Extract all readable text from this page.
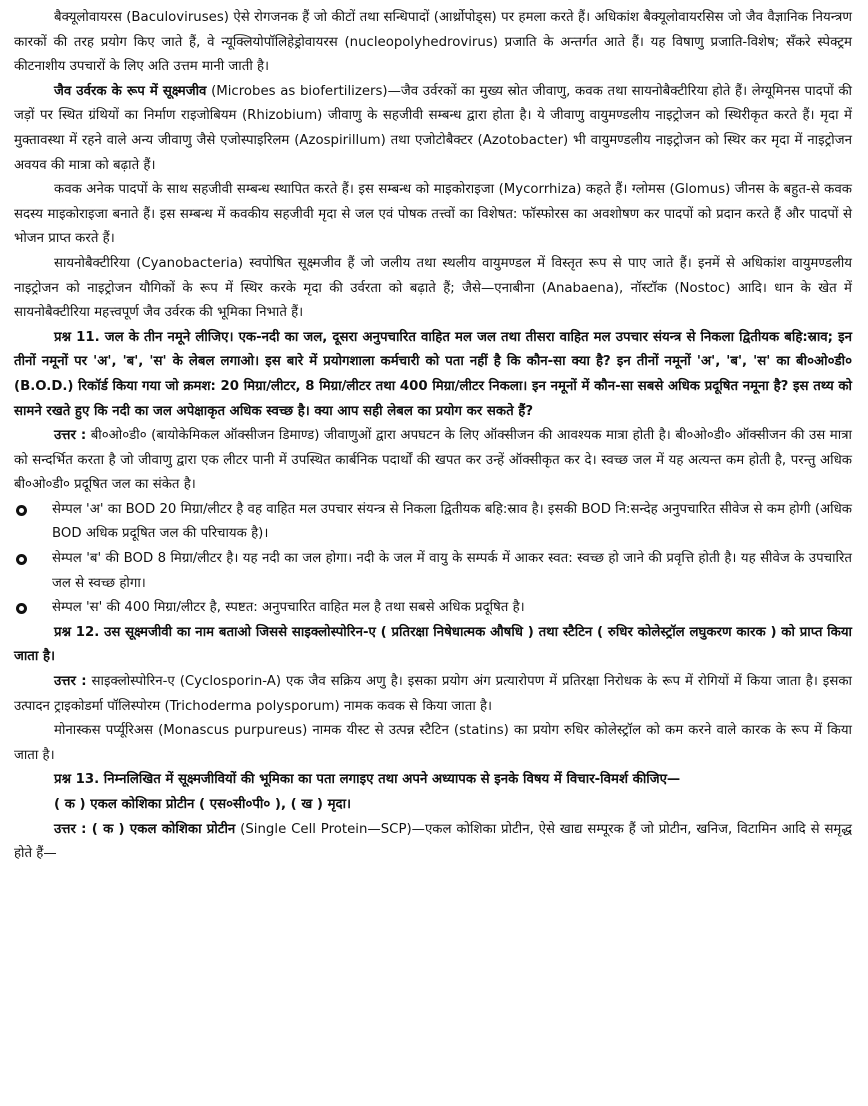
बैक्यूलोवायरस (Baculoviruses) ऐसे रोगजनक हैं जो कीटों तथा सन्धिपादों (आर्थ्रोपोड्स) पर हमला करते हैं। अधिकांश बैक्यूलोवायरसिस जो जैव वैज्ञानिक नियन्त्रण कारकों की तरह प्रयोग किए जाते हैं, वे न्यूक्लियोपॉलिहेड्रोवायरस (nucleopolyhedrovirus) प्रजाति के अन्तर्गत आते हैं। यह विषाणु प्रजाति-विशेष; सँकरे स्पेक्ट्रम कीटनाशीय उपचारों के लिए अति उत्तम मानी जाती है।

जैव उर्वरक के रूप में सूक्ष्मजीव (Microbes as biofertilizers)—जैव उर्वरकों का मुख्य स्रोत जीवाणु, कवक तथा सायनोबैक्टीरिया होते हैं। लेग्यूमिनस पादपों की जड़ों पर स्थित ग्रंथियों का निर्माण राइजोबियम (Rhizobium) जीवाणु के सहजीवी सम्बन्ध द्वारा होता है। ये जीवाणु वायुमण्डलीय नाइट्रोजन को स्थिरीकृत करते हैं। मृदा में मुक्तावस्था में रहने वाले अन्य जीवाणु जैसे एजोस्पाइरिलम (Azospirillum) तथा एजोटोबैक्टर (Azotobacter) भी वायुमण्डलीय नाइट्रोजन को स्थिर कर मृदा में नाइट्रोजन अवयव की मात्रा को बढ़ाते हैं।

कवक अनेक पादपों के साथ सहजीवी सम्बन्ध स्थापित करते हैं। इस सम्बन्ध को माइकोराइजा (Mycorrhiza) कहते हैं। ग्लोमस (Glomus) जीनस के बहुत-से कवक सदस्य माइकोराइजा बनाते हैं। इस सम्बन्ध में कवकीय सहजीवी मृदा से जल एवं पोषक तत्त्वों का विशेषत: फॉस्फोरस का अवशोषण कर पादपों को प्रदान करते हैं और पादपों से भोजन प्राप्त करते हैं।

सायनोबैक्टीरिया (Cyanobacteria) स्वपोषित सूक्ष्मजीव हैं जो जलीय तथा स्थलीय वायुमण्डल में विस्तृत रूप से पाए जाते हैं। इनमें से अधिकांश वायुमण्डलीय नाइट्रोजन को नाइट्रोजन यौगिकों के रूप में स्थिर करके मृदा की उर्वरता को बढ़ाते हैं; जैसे—एनाबीना (Anabaena), नॉस्टॉक (Nostoc) आदि। धान के खेत में सायनोबैक्टीरिया महत्त्वपूर्ण जैव उर्वरक की भूमिका निभाते हैं।

प्रश्न 11. जल के तीन नमूने लीजिए। एक-नदी का जल, दूसरा अनुपचारित वाहित मल जल तथा तीसरा वाहित मल उपचार संयन्त्र से निकला द्वितीयक बहि:स्राव; इन तीनों नमूनों पर 'अ', 'ब', 'स' के लेबल लगाओ। इस बारे में प्रयोगशाला कर्मचारी को पता नहीं है कि कौन-सा क्या है? इन तीनों नमूनों 'अ', 'ब', 'स' का बी०ओ०डी० (B.O.D.) रिकॉर्ड किया गया जो क्रमश: 20 मिग्रा/लीटर, 8 मिग्रा/लीटर तथा 400 मिग्रा/लीटर निकला। इन नमूनों में कौन-सा सबसे अधिक प्रदूषित नमूना है? इस तथ्य को सामने रखते हुए कि नदी का जल अपेक्षाकृत अधिक स्वच्छ है। क्या आप सही लेबल का प्रयोग कर सकते हैं?

उत्तर : बी०ओ०डी० (बायोकेमिकल ऑक्सीजन डिमाण्ड) जीवाणुओं द्वारा अपघटन के लिए ऑक्सीजन की आवश्यक मात्रा होती है। बी०ओ०डी० ऑक्सीजन की उस मात्रा को सन्दर्भित करता है जो जीवाणु द्वारा एक लीटर पानी में उपस्थित कार्बनिक पदार्थों की खपत कर उन्हें ऑक्सीकृत कर दे। स्वच्छ जल में यह अत्यन्त कम होती है, परन्तु अधिक बी०ओ०डी० प्रदूषित जल का संकेत है।

सेम्पल 'अ' का BOD 20 मिग्रा/लीटर है वह वाहित मल उपचार संयन्त्र से निकला द्वितीयक बहि:स्राव है। इसकी BOD नि:सन्देह अनुपचारित सीवेज से कम होगी (अधिक BOD अधिक प्रदूषित जल की परिचायक है)।
सेम्पल 'ब' की BOD 8 मिग्रा/लीटर है। यह नदी का जल होगा। नदी के जल में वायु के सम्पर्क में आकर स्वत: स्वच्छ हो जाने की प्रवृत्ति होती है। यह सीवेज के उपचारित जल से स्वच्छ होगा।
सेम्पल 'स' की 400 मिग्रा/लीटर है, स्पष्टत: अनुपचारित वाहित मल है तथा सबसे अधिक प्रदूषित है।

प्रश्न 12. उस सूक्ष्मजीवी का नाम बताओ जिससे साइक्लोस्पोरिन-ए ( प्रतिरक्षा निषेधात्मक औषधि ) तथा स्टैटिन ( रुधिर कोलेस्ट्रॉल लघुकरण कारक ) को प्राप्त किया जाता है।

उत्तर : साइक्लोस्पोरिन-ए (Cyclosporin-A) एक जैव सक्रिय अणु है। इसका प्रयोग अंग प्रत्यारोपण में प्रतिरक्षा निरोधक के रूप में रोगियों में किया जाता है। इसका उत्पादन ट्राइकोडर्मा पॉलिस्पोरम (Trichoderma polysporum) नामक कवक से किया जाता है।

मोनास्कस पर्प्यूरिअस (Monascus purpureus) नामक यीस्ट से उत्पन्न स्टैटिन (statins) का प्रयोग रुधिर कोलेस्ट्रॉल को कम करने वाले कारक के रूप में किया जाता है।

प्रश्न 13. निम्नलिखित में सूक्ष्मजीवियों की भूमिका का पता लगाइए तथा अपने अध्यापक से इनके विषय में विचार-विमर्श कीजिए—

( क ) एकल कोशिका प्रोटीन ( एस०सी०पी० ), ( ख ) मृदा।

उत्तर : ( क ) एकल कोशिका प्रोटीन (Single Cell Protein—SCP)—एकल कोशिका प्रोटीन, ऐसे खाद्य सम्पूरक हैं जो प्रोटीन, खनिज, विटामिन आदि से समृद्ध होते हैं—
